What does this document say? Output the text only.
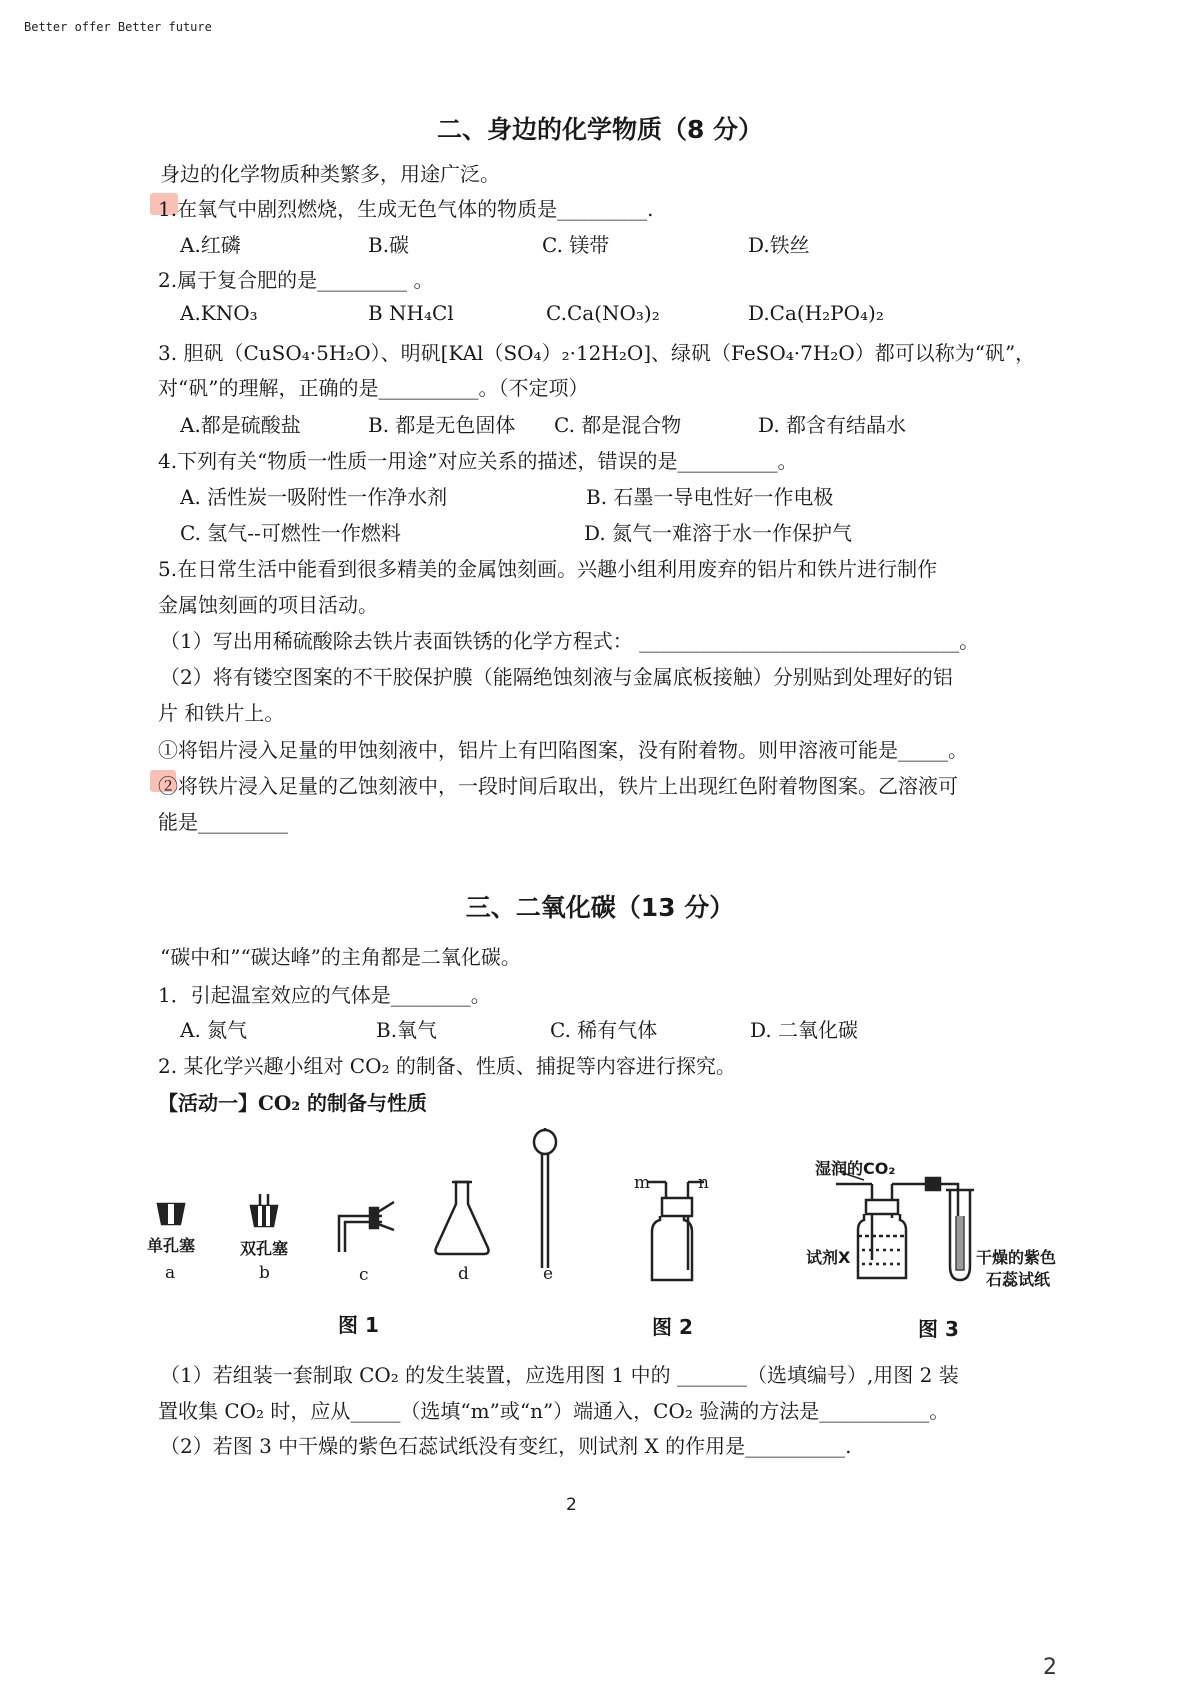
Better offer Better future
二、身边的化学物质（8 分）
身边的化学物质种类繁多，用途广泛。
1.在氧气中剧烈燃烧，生成无色气体的物质是_________.
A.红磷	B.碳	C. 镁带	D.铁丝
2.属于复合肥的是_________ 。
A.KNO₃	B NH₄Cl	C.Ca(NO₃)₂	D.Ca(H₂PO₄)₂
3. 胆矾（CuSO₄·5H₂O）、明矾[KAl（SO₄）₂·12H₂O]、绿矾（FeSO₄·7H₂O）都可以称为“矾”，
对“矾”的理解，正确的是__________。（不定项）
A.都是硫酸盐	B. 都是无色固体 C. 都是混合物	D. 都含有结晶水
4.下列有关“物质一性质一用途”对应关系的描述，错误的是__________。
A. 活性炭一吸附性一作净水剂	B. 石墨一导电性好一作电极
C. 氢气--可燃性一作燃料	D. 氮气一难溶于水一作保护气
5.在日常生活中能看到很多精美的金属蚀刻画。兴趣小组利用废弃的铝片和铁片进行制作
金属蚀刻画的项目活动。
（1）写出用稀硫酸除去铁片表面铁锈的化学方程式： ________________________________。
（2）将有镂空图案的不干胶保护膜（能隔绝蚀刻液与金属底板接触）分别贴到处理好的铝
片 和铁片上。
①将铝片浸入足量的甲蚀刻液中，铝片上有凹陷图案，没有附着物。则甲溶液可能是_____。
②将铁片浸入足量的乙蚀刻液中，一段时间后取出，铁片上出现红色附着物图案。乙溶液可
能是_________
三、二氧化碳（13 分）
“碳中和”“碳达峰”的主角都是二氧化碳。
1．引起温室效应的气体是________。
A. 氮气	B.氧气	C. 稀有气体	D. 二氧化碳
2. 某化学兴趣小组对 CO₂ 的制备、性质、捕捉等内容进行探究。
【活动一】CO₂ 的制备与性质
单孔塞	双孔塞
a	b	c	d	e
m	n
湿润的CO₂
试剂X	干燥的紫色
石蕊试纸
图 1	图 2	图 3
（1）若组装一套制取 CO₂ 的发生装置，应选用图 1 中的 _______（选填编号）,用图 2 装
置收集 CO₂ 时，应从_____（选填“m”或“n”）端通入，CO₂ 验满的方法是___________。
（2）若图 3 中干燥的紫色石蕊试纸没有变红，则试剂 X 的作用是__________.
2
2
